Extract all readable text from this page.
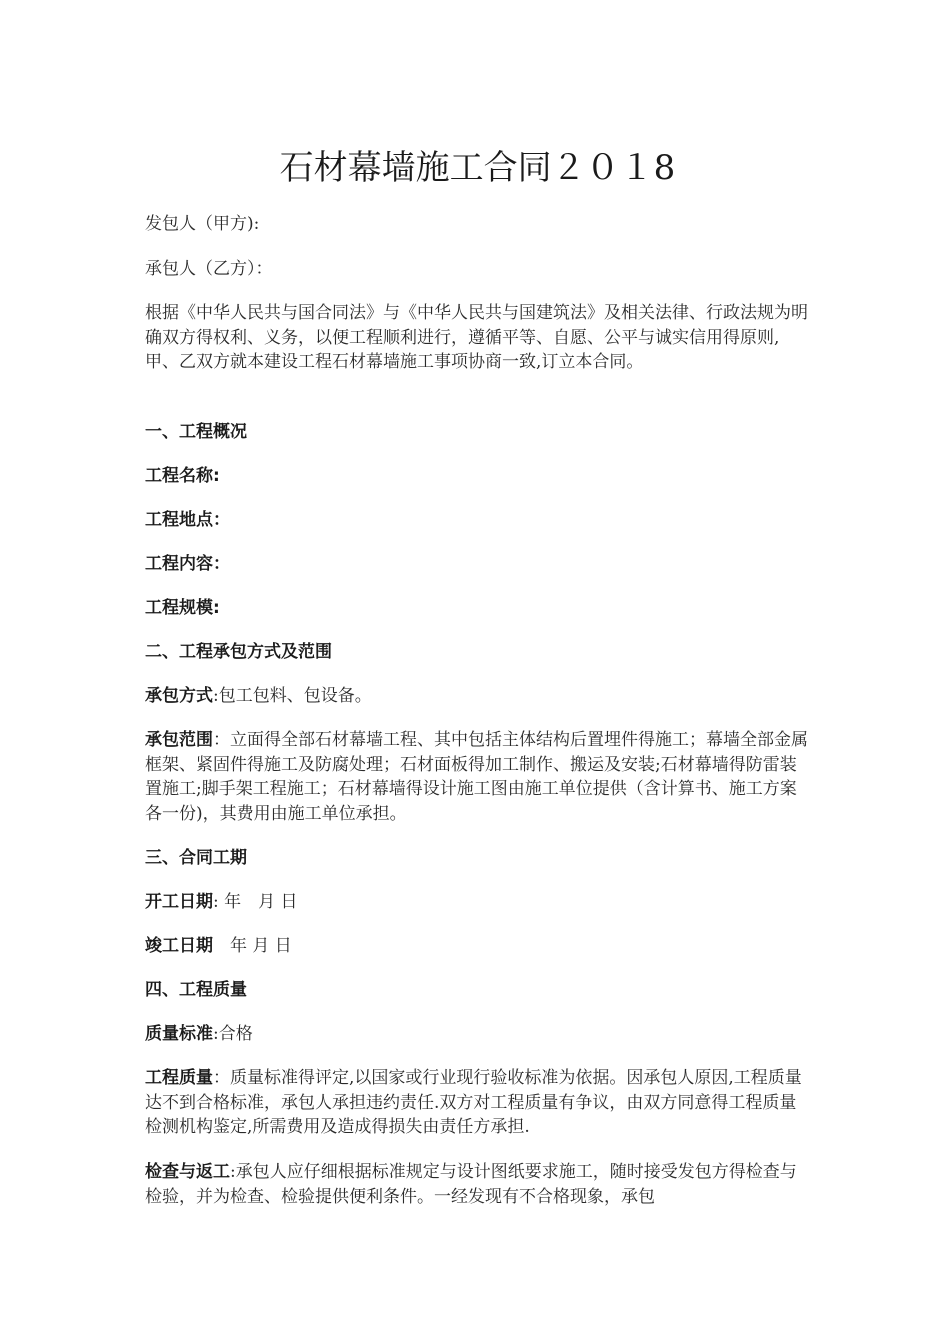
石材幕墙施工合同２０１8
发包人（甲方):
承包人（乙方）：
根据《中华人民共与国合同法》与《中华人民共与国建筑法》及相关法律、行政法规为明确双方得权利、义务，以便工程顺利进行，遵循平等、自愿、公平与诚实信用得原则,甲、乙双方就本建设工程石材幕墙施工事项协商一致,订立本合同。
一、工程概况
工程名称:
工程地点：
工程内容：
工程规模:
二、工程承包方式及范围
承包方式:包工包料、包设备。
承包范围：立面得全部石材幕墙工程、其中包括主体结构后置埋件得施工；幕墙全部金属框架、紧固件得施工及防腐处理；石材面板得加工制作、搬运及安装;石材幕墙得防雷装置施工;脚手架工程施工；石材幕墙得设计施工图由施工单位提供（含计算书、施工方案各一份)，其费用由施工单位承担。
三、合同工期
开工日期: 年　月 日
竣工日期　年 月 日
四、工程质量
质量标准:合格
工程质量：质量标准得评定,以国家或行业现行验收标准为依据。因承包人原因,工程质量达不到合格标准，承包人承担违约责任.双方对工程质量有争议，由双方同意得工程质量检测机构鉴定,所需费用及造成得损失由责任方承担.
检查与返工:承包人应仔细根据标准规定与设计图纸要求施工，随时接受发包方得检查与检验，并为检查、检验提供便利条件。一经发现有不合格现象，承包
